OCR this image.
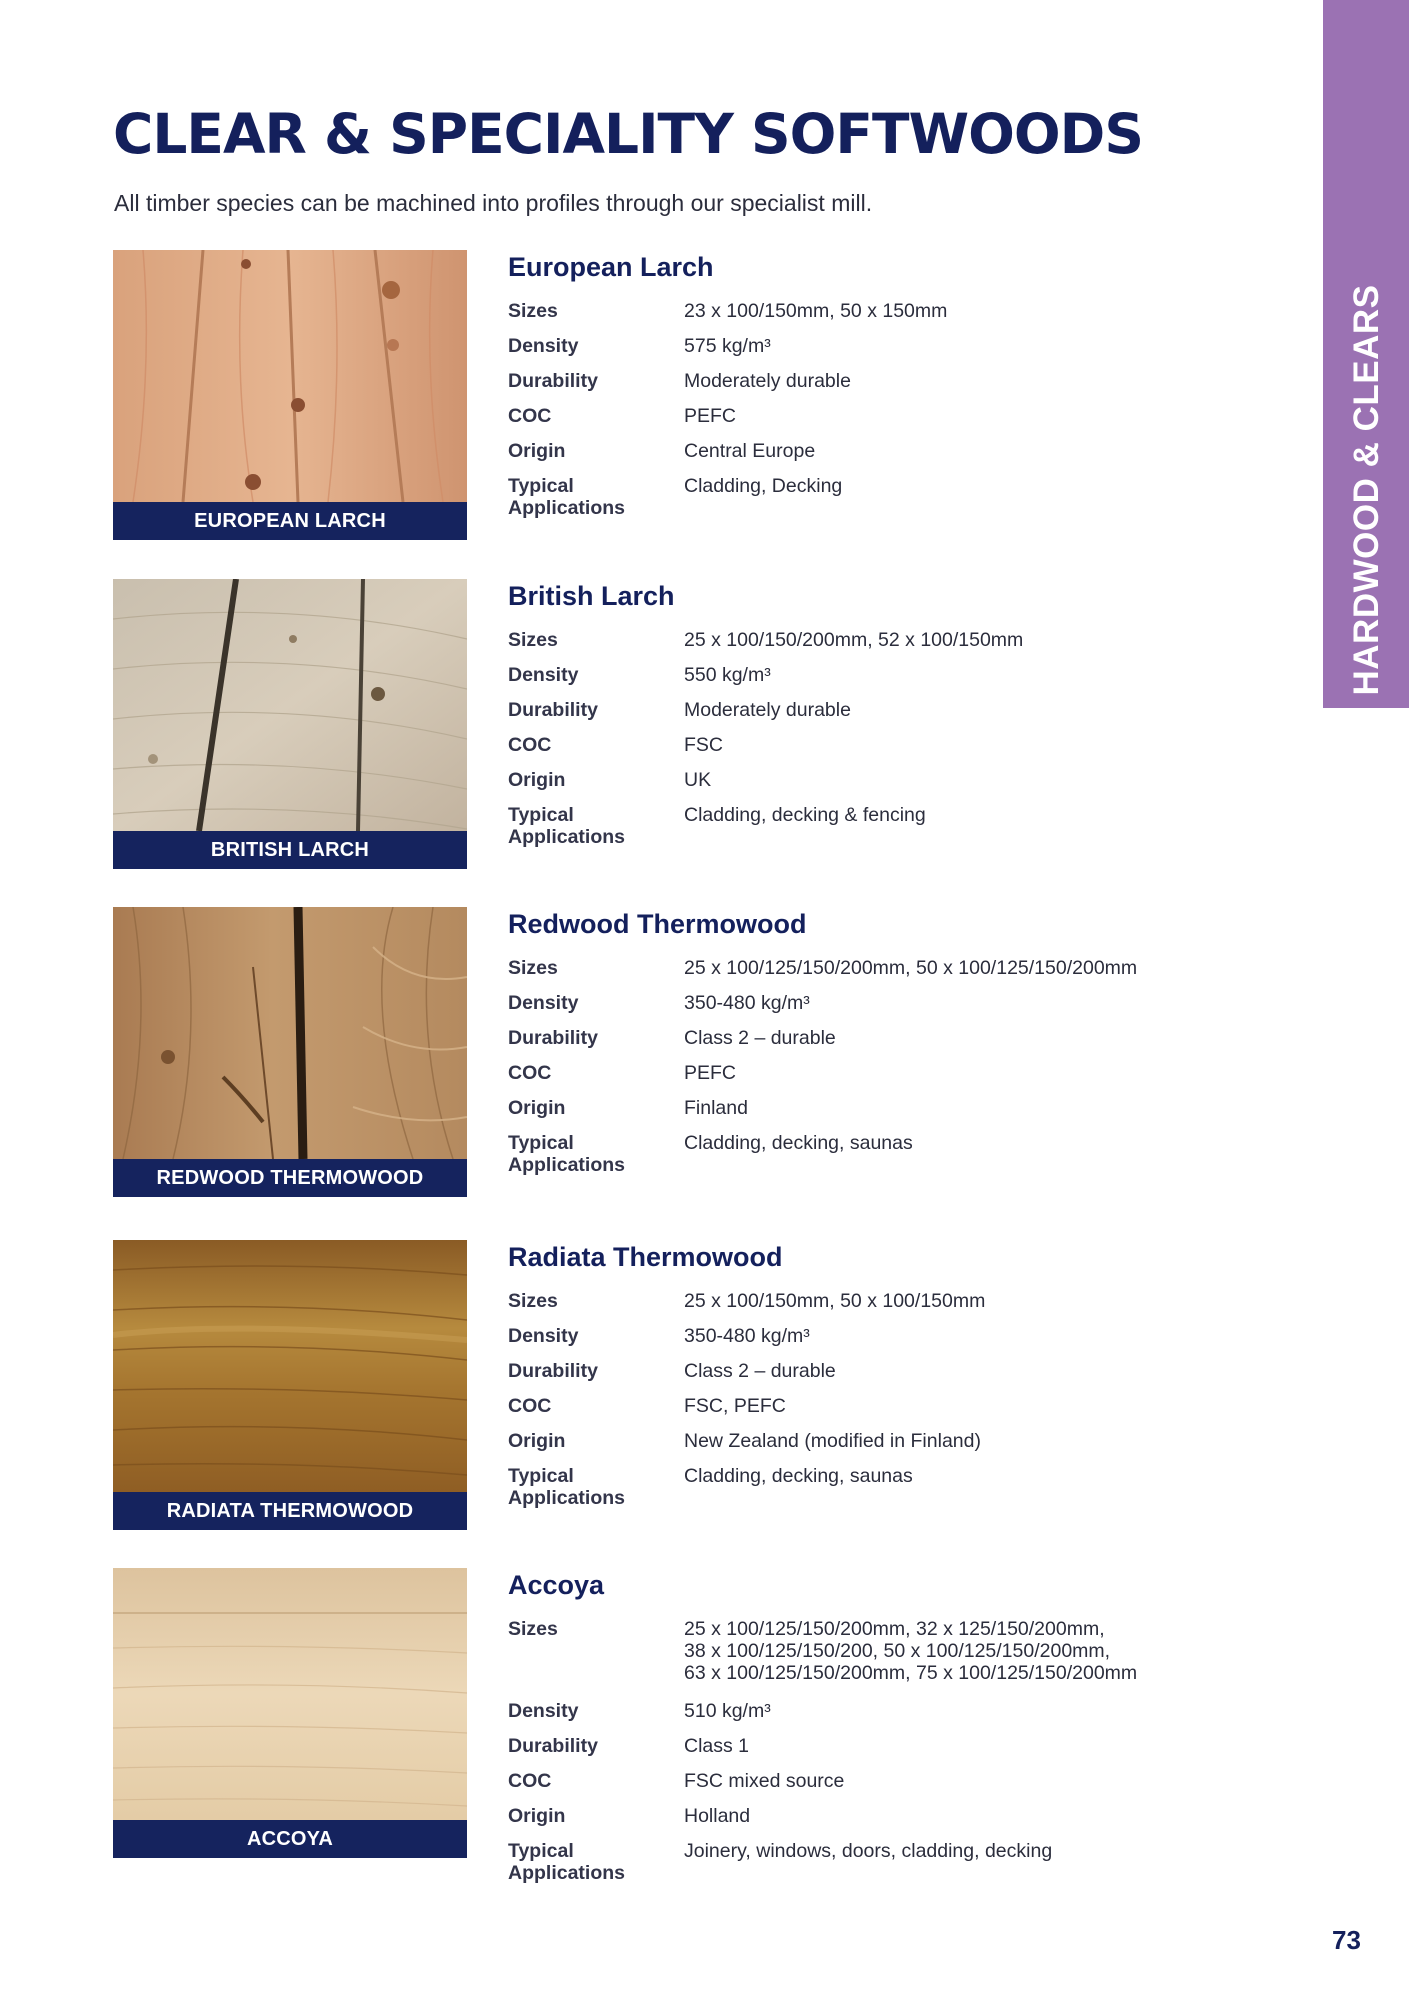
HARDWOOD & CLEARS
CLEAR & SPECIALITY SOFTWOODS

All timber species can be machined into profiles through our specialist mill.

EUROPEAN LARCH
European Larch
Sizes	23 x 100/150mm, 50 x 150mm
Density	575 kg/m³
Durability	Moderately durable
COC	PEFC
Origin	Central Europe

Typical
Applications	Cladding, Decking
BRITISH LARCH
British Larch
Sizes	25 x 100/150/200mm, 52 x 100/150mm
Density	550 kg/m³
Durability	Moderately durable
COC	FSC
Origin	UK

Typical
Applications	Cladding, decking & fencing
REDWOOD THERMOWOOD
Redwood Thermowood
Sizes	25 x 100/125/150/200mm, 50 x 100/125/150/200mm
Density	350-480 kg/m³
Durability	Class 2 – durable
COC	PEFC
Origin	Finland

Typical
Applications	Cladding, decking, saunas
RADIATA THERMOWOOD
Radiata Thermowood
Sizes	25 x 100/150mm, 50 x 100/150mm
Density	350-480 kg/m³
Durability	Class 2 – durable
COC	FSC, PEFC
Origin	New Zealand (modified in Finland)

Typical
Applications	Cladding, decking, saunas
ACCOYA
Accoya
Sizes	25 x 100/125/150/200mm, 32 x 125/150/200mm,
38 x 100/125/150/200, 50 x 100/125/150/200mm,
63 x 100/125/150/200mm, 75 x 100/125/150/200mm
Density	510 kg/m³
Durability	Class 1
COC	FSC mixed source
Origin	Holland

Typical
Applications	Joinery, windows, doors, cladding, decking
73
